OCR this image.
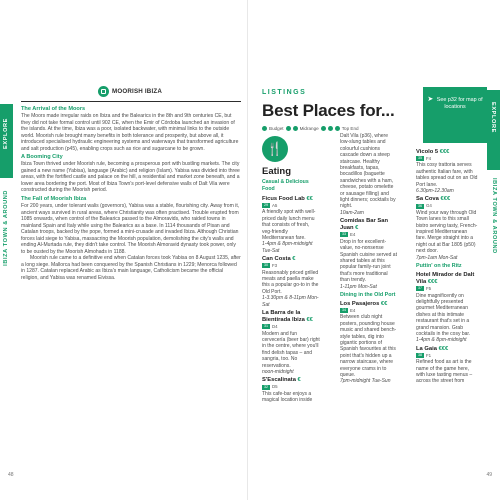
EXPLORE
IBIZA TOWN & AROUND
MOORISH IBIZA
The Arrival of the Moors

The Moors made irregular raids on Ibiza and the Balearics in the 8th and 9th centuries CE, but they did not take formal control until 902 CE, when the Emir of Córdoba launched an invasion of the islands. At the time, Ibiza was a poor, isolated backwater, with minimal links to the outside world. Moorish rule brought many benefits in both tolerance and prosperity, but above all, it introduced specialised hydraulic engineering systems and waterways that transformed agriculture and salt production (p45), enabling crops such as rice and sugarcane to be grown.

A Booming City

Ibiza Town thrived under Moorish rule, becoming a prosperous port with bustling markets. The city gained a new name (Yabisa), language (Arabic) and religion (Islam). Yabisa was divided into three areas, with the fortified castle and palace on the hill, a residential and market zone beneath, and a lower area bordering the port. Most of Ibiza Town's port-level defensive walls of Dalt Vila were constructed during the Moorish period.

The Fall of Moorish Ibiza

For 200 years, under tolerant walis (governors), Yabisa was a stable, flourishing city. Away from it, ancient ways survived in rural areas, where Christianity was often practised. Trouble erupted from 1085 onwards, when control of the Balearics passed to the Almoravids, who raided towns in mainland Spain and Italy while using the Balearics as a base. In 1114 thousands of Pisan and Catalan troops, backed by the pope, formed a mini-crusade and invaded Ibiza. Although Christian forces laid siege to Yabisa, massacring the Moorish population, demolishing the city's walls and ending Al-Murtada rule, they didn't take control. The Moorish Almoravid dynasty took power, only to be ousted by the Moorish Almohads in 1188.

Moorish rule came to a definitive end when Catalan forces took Yabisa on 8 August 1235, after a long siege. Mallorca had been conquered by the Spanish Christians in 1229; Menorca followed in 1287. Catalan replaced Arabic as Ibiza's main language, Catholicism became the official religion, and Yabisa was renamed Eivissa.

48
EXPLORE
IBIZA TOWN & AROUND
LISTINGS
Best Places for...
Budget	Midrange	Top End
➤ See p32 for map of locations
🍴
Eating
Casual & Delicious Food

Ficus Food Lab €€

29 A5

A friendly spot with well-priced daily lunch menu that consists of fresh, veg-friendly Mediterranean fare.

1-4pm & 8pm-midnight Tue-Sat

Can Costa €

30 F3

Reasonably priced grilled meats and paella make this a popular go-to in the Old Port.

1-3.30pm & 8-11pm Mon-Sat

La Barra de la Bientirada Ibiza €€

31 D4

Modern and fun cervecería (beer bar) right in the centre, where you'll find delish tapas – and sangria, too. No reservations.

noon-midnight

S'Escalinata €

32 D5

This cafe-bar enjoys a magical location inside

Dalt Vila (p36), where low-slung tables and colourful cushions cascade down a steep staircase. Healthy breakfasts, tapas, bocadillos (baguette sandwiches with a ham, cheese, potato omelette or sausage filling) and light dinners; cocktails by night.

10am-2am

Comidas Bar San Juan €

33 E4

Drop in for excellent-value, no-nonsense Spanish cuisine served at shared tables at this popular family-run joint that's more traditional than trendy.

1-11pm Mon-Sat

Dining in the Old Port

Los Pasajeros €€

34 E4

Between club night posters, pounding house music and shared bench-style tables, dig into gigantic portions of Spanish favourites at this point that's hidden up a narrow staircase, where everyone crams in to queue.

7pm-midnight Tue-Sun

Vicolo 5 €€€

35 F4

This cosy trattoria serves authentic Italian fare, with tables spread out on an Old Port lane.

6.30pm-12.30am

Sa Cova €€€

36 G4

Wind your way through Old Town lanes to this small bistro serving tasty, French-inspired Mediterranean fare. Merge straight into a night out at Bar 1805 (p50) next door.

7pm-1am Mon-Sat

Puttin' on the Ritz

Hotel Mirador de Dalt Vila €€€

37 F5

Dine magnificently on delightfully presented gourmet Mediterranean dishes at this intimate restaurant that's set in a grand mansion. Grab cocktails in the cosy bar.

1-4pm & 8pm-midnight

La Gaia €€€

38 F1

Refined food as art is the name of the game here, with luxe tasting menus – across the street from

49
